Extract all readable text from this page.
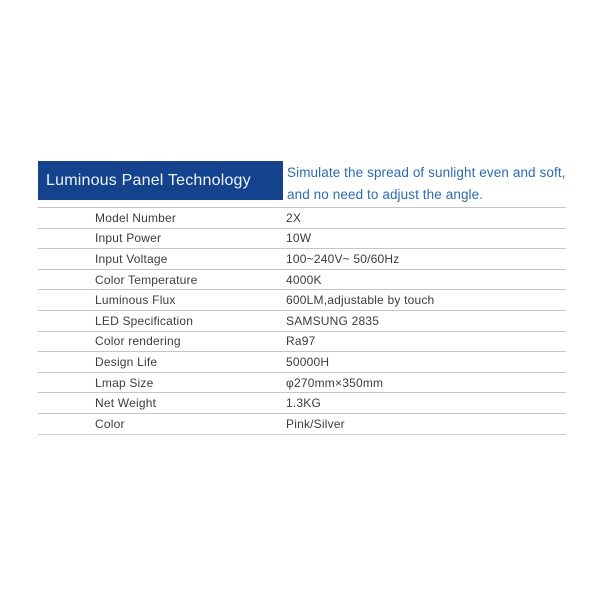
Luminous Panel Technology	Simulate the spread of sunlight even and soft,
and no need to adjust the angle.
Model Number	2X
Input Power	10W
Input Voltage	100~240V~ 50/60Hz
Color Temperature	4000K
Luminous Flux	600LM,adjustable by touch
LED Specification	SAMSUNG 2835
Color rendering	Ra97
Design Life	50000H
Lmap Size	φ270mm×350mm
Net Weight	1.3KG
Color	Pink/Silver
